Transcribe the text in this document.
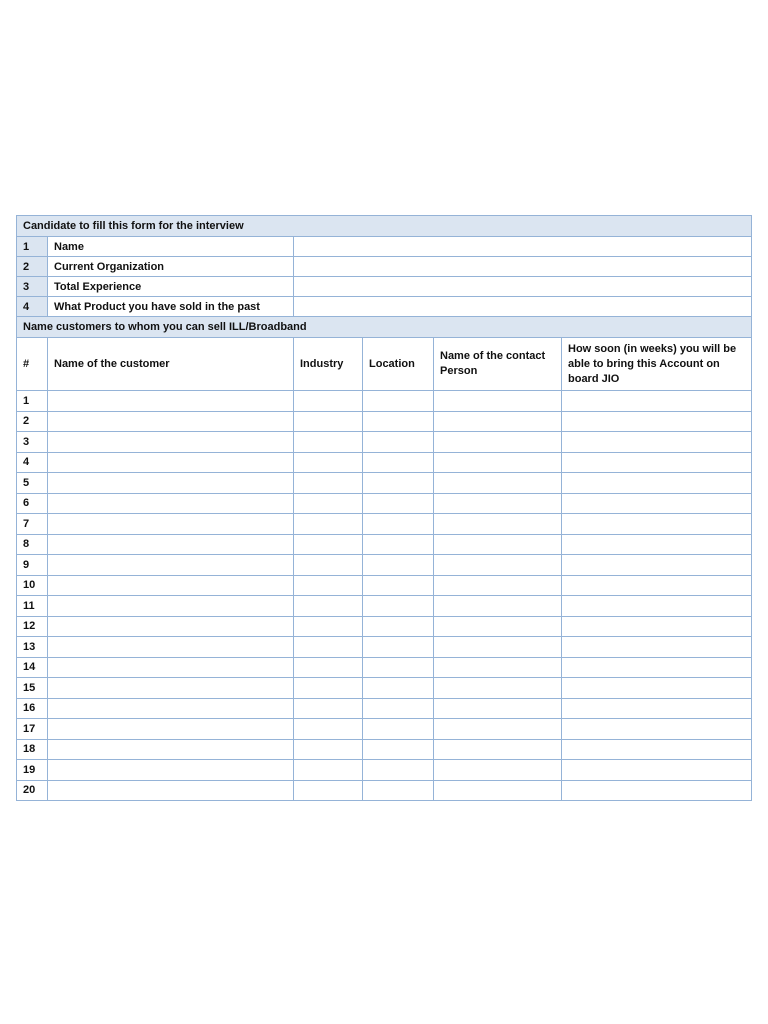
Candidate to fill this form for the interview					
1	Name				
2	Current Organization				
3	Total Experience				
4	What Product you have sold in the past				
Name customers to whom you can sell ILL/Broadband					
#	Name of the customer	Industry	Location	Name of the contact Person	How soon (in weeks) you will be able to bring this Account on board JIO
1					
2					
3					
4					
5					
6					
7					
8					
9					
10					
11					
12					
13					
14					
15					
16					
17					
18					
19					
20					
